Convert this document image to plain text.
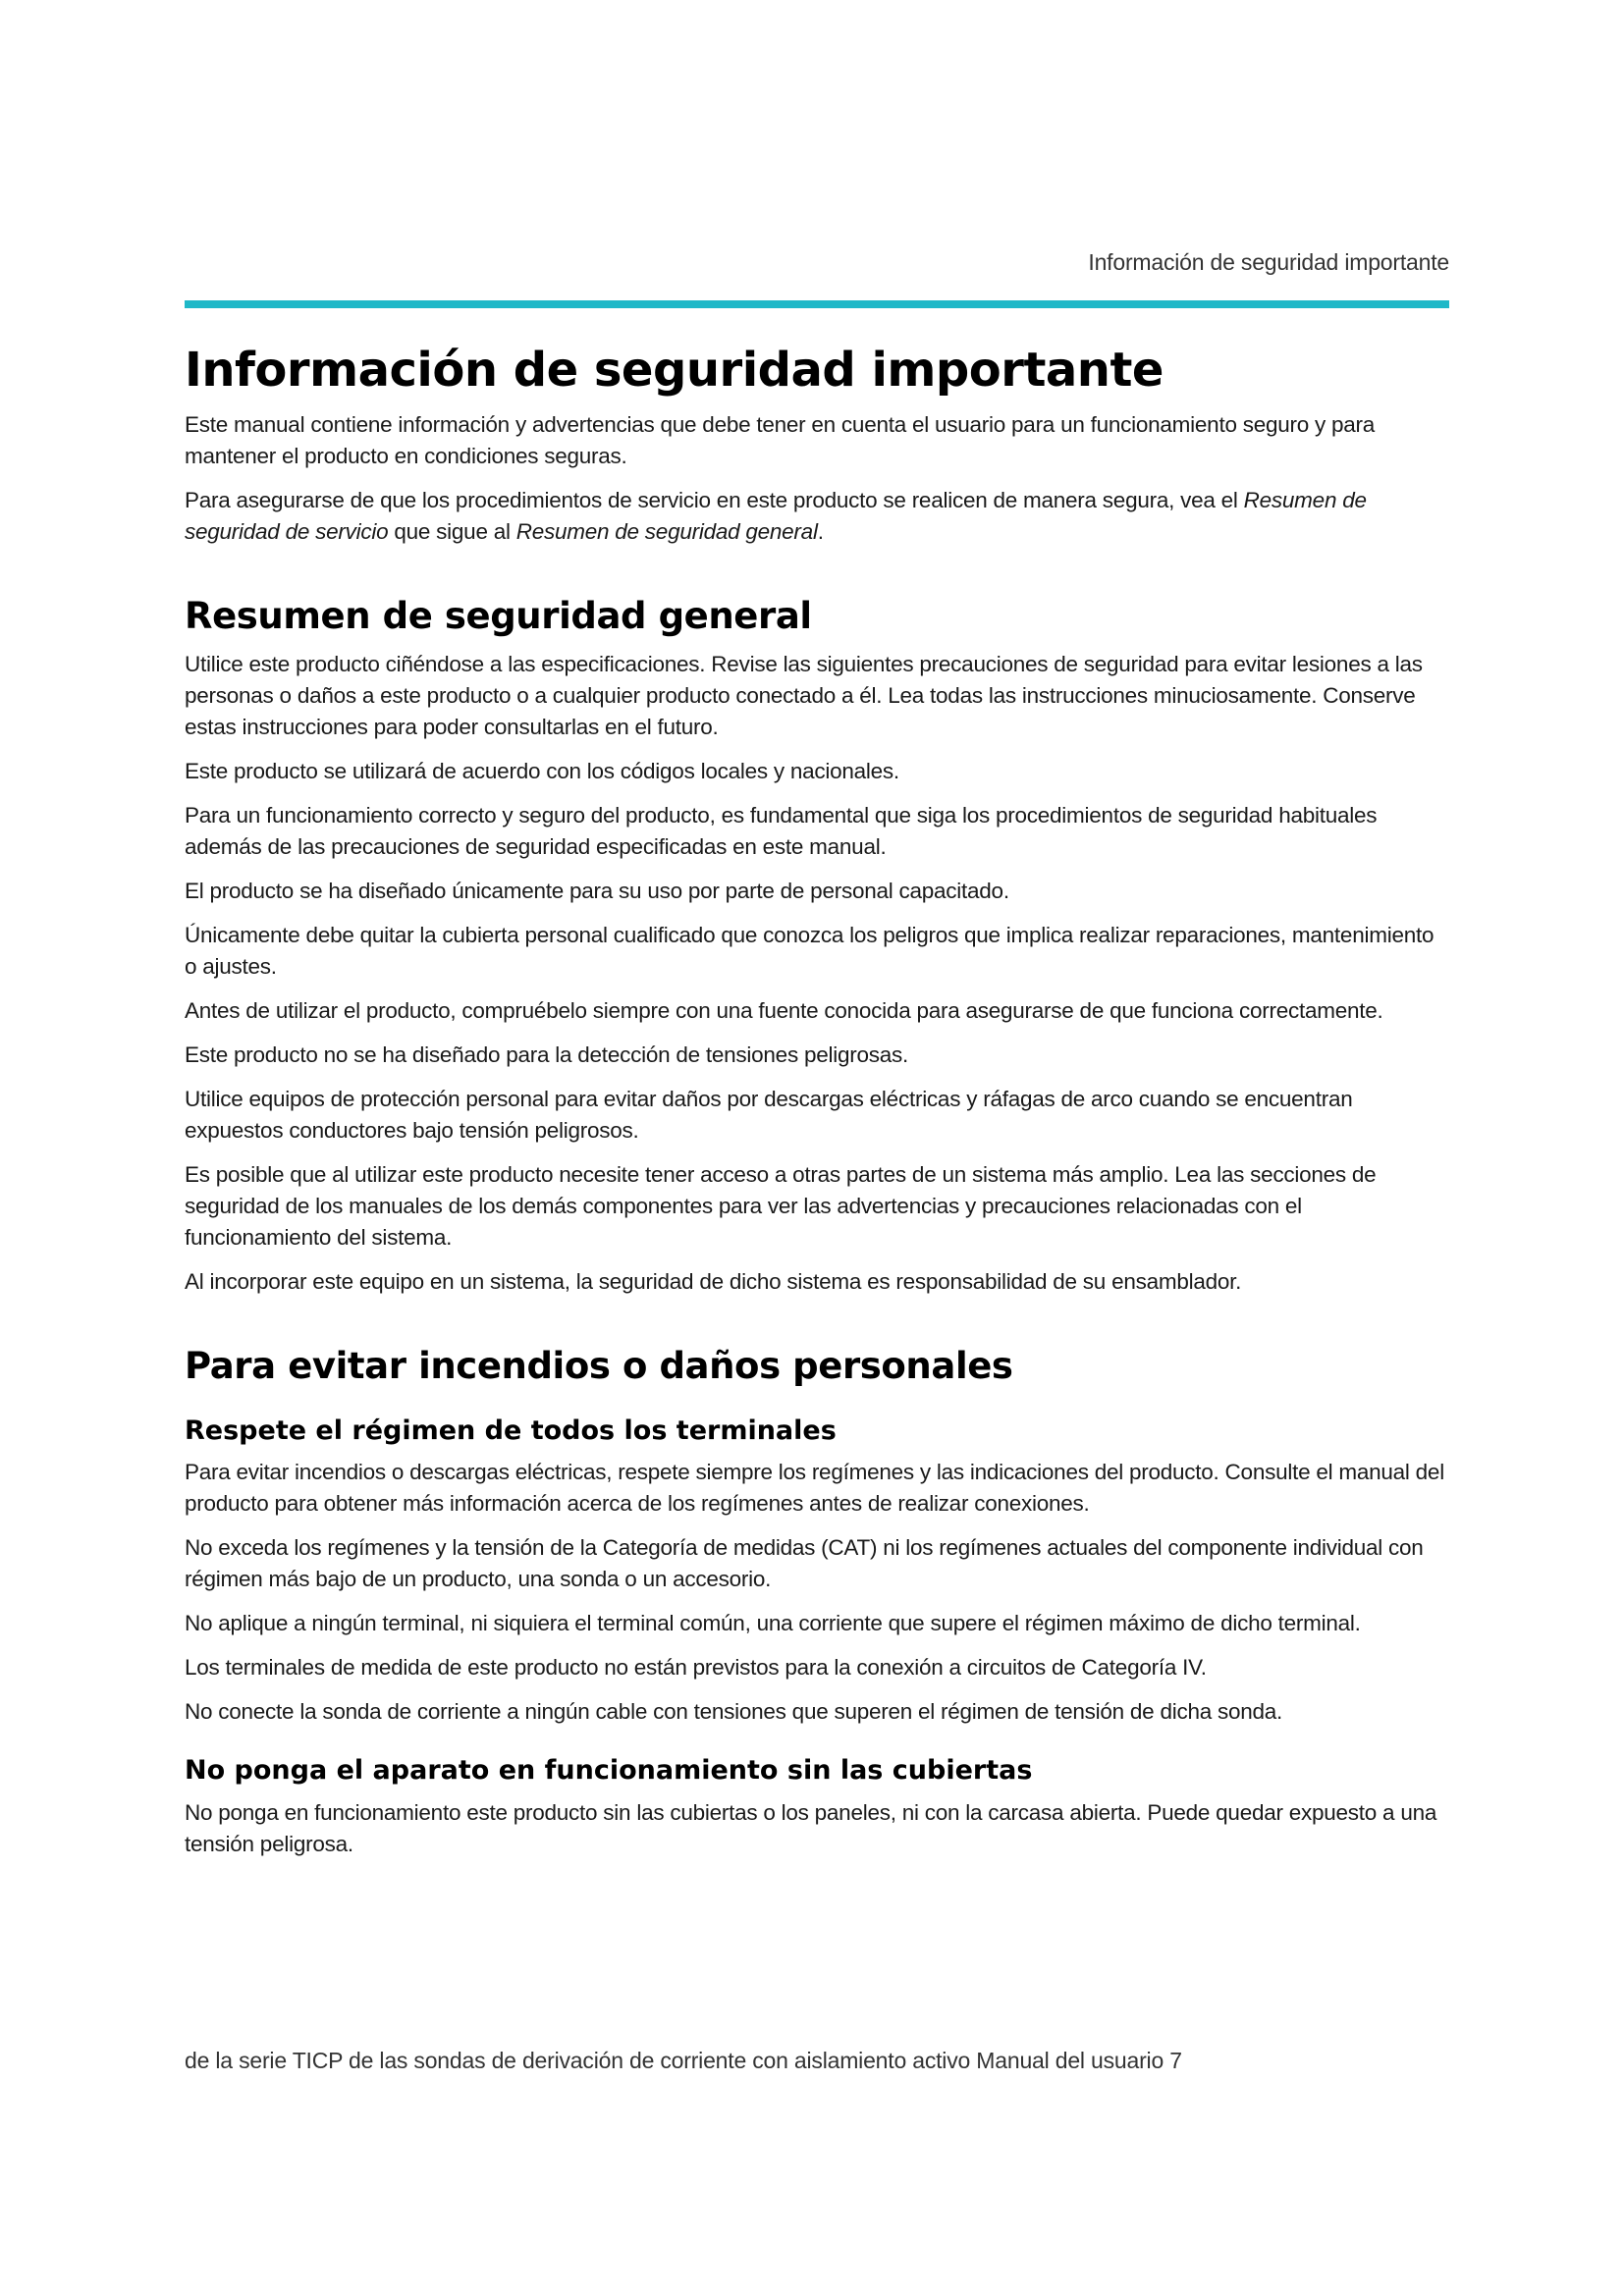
Información de seguridad importante
Información de seguridad importante

Este manual contiene información y advertencias que debe tener en cuenta el usuario para un funcionamiento seguro y para mantener el producto en condiciones seguras.

Para asegurarse de que los procedimientos de servicio en este producto se realicen de manera segura, vea el Resumen de seguridad de servicio que sigue al Resumen de seguridad general.

Resumen de seguridad general

Utilice este producto ciñéndose a las especificaciones. Revise las siguientes precauciones de seguridad para evitar lesiones a las personas o daños a este producto o a cualquier producto conectado a él. Lea todas las instrucciones minuciosamente. Conserve estas instrucciones para poder consultarlas en el futuro.

Este producto se utilizará de acuerdo con los códigos locales y nacionales.

Para un funcionamiento correcto y seguro del producto, es fundamental que siga los procedimientos de seguridad habituales además de las precauciones de seguridad especificadas en este manual.

El producto se ha diseñado únicamente para su uso por parte de personal capacitado.

Únicamente debe quitar la cubierta personal cualificado que conozca los peligros que implica realizar reparaciones, mantenimiento o ajustes.

Antes de utilizar el producto, compruébelo siempre con una fuente conocida para asegurarse de que funciona correctamente.

Este producto no se ha diseñado para la detección de tensiones peligrosas.

Utilice equipos de protección personal para evitar daños por descargas eléctricas y ráfagas de arco cuando se encuentran expuestos conductores bajo tensión peligrosos.

Es posible que al utilizar este producto necesite tener acceso a otras partes de un sistema más amplio. Lea las secciones de seguridad de los manuales de los demás componentes para ver las advertencias y precauciones relacionadas con el funcionamiento del sistema.

Al incorporar este equipo en un sistema, la seguridad de dicho sistema es responsabilidad de su ensamblador.

Para evitar incendios o daños personales
Respete el régimen de todos los terminales

Para evitar incendios o descargas eléctricas, respete siempre los regímenes y las indicaciones del producto. Consulte el manual del producto para obtener más información acerca de los regímenes antes de realizar conexiones.

No exceda los regímenes y la tensión de la Categoría de medidas (CAT) ni los regímenes actuales del componente individual con régimen más bajo de un producto, una sonda o un accesorio.

No aplique a ningún terminal, ni siquiera el terminal común, una corriente que supere el régimen máximo de dicho terminal.

Los terminales de medida de este producto no están previstos para la conexión a circuitos de Categoría IV.

No conecte la sonda de corriente a ningún cable con tensiones que superen el régimen de tensión de dicha sonda.

No ponga el aparato en funcionamiento sin las cubiertas

No ponga en funcionamiento este producto sin las cubiertas o los paneles, ni con la carcasa abierta. Puede quedar expuesto a una tensión peligrosa.

de la serie TICP de las sondas de derivación de corriente con aislamiento activo Manual del usuario 7
